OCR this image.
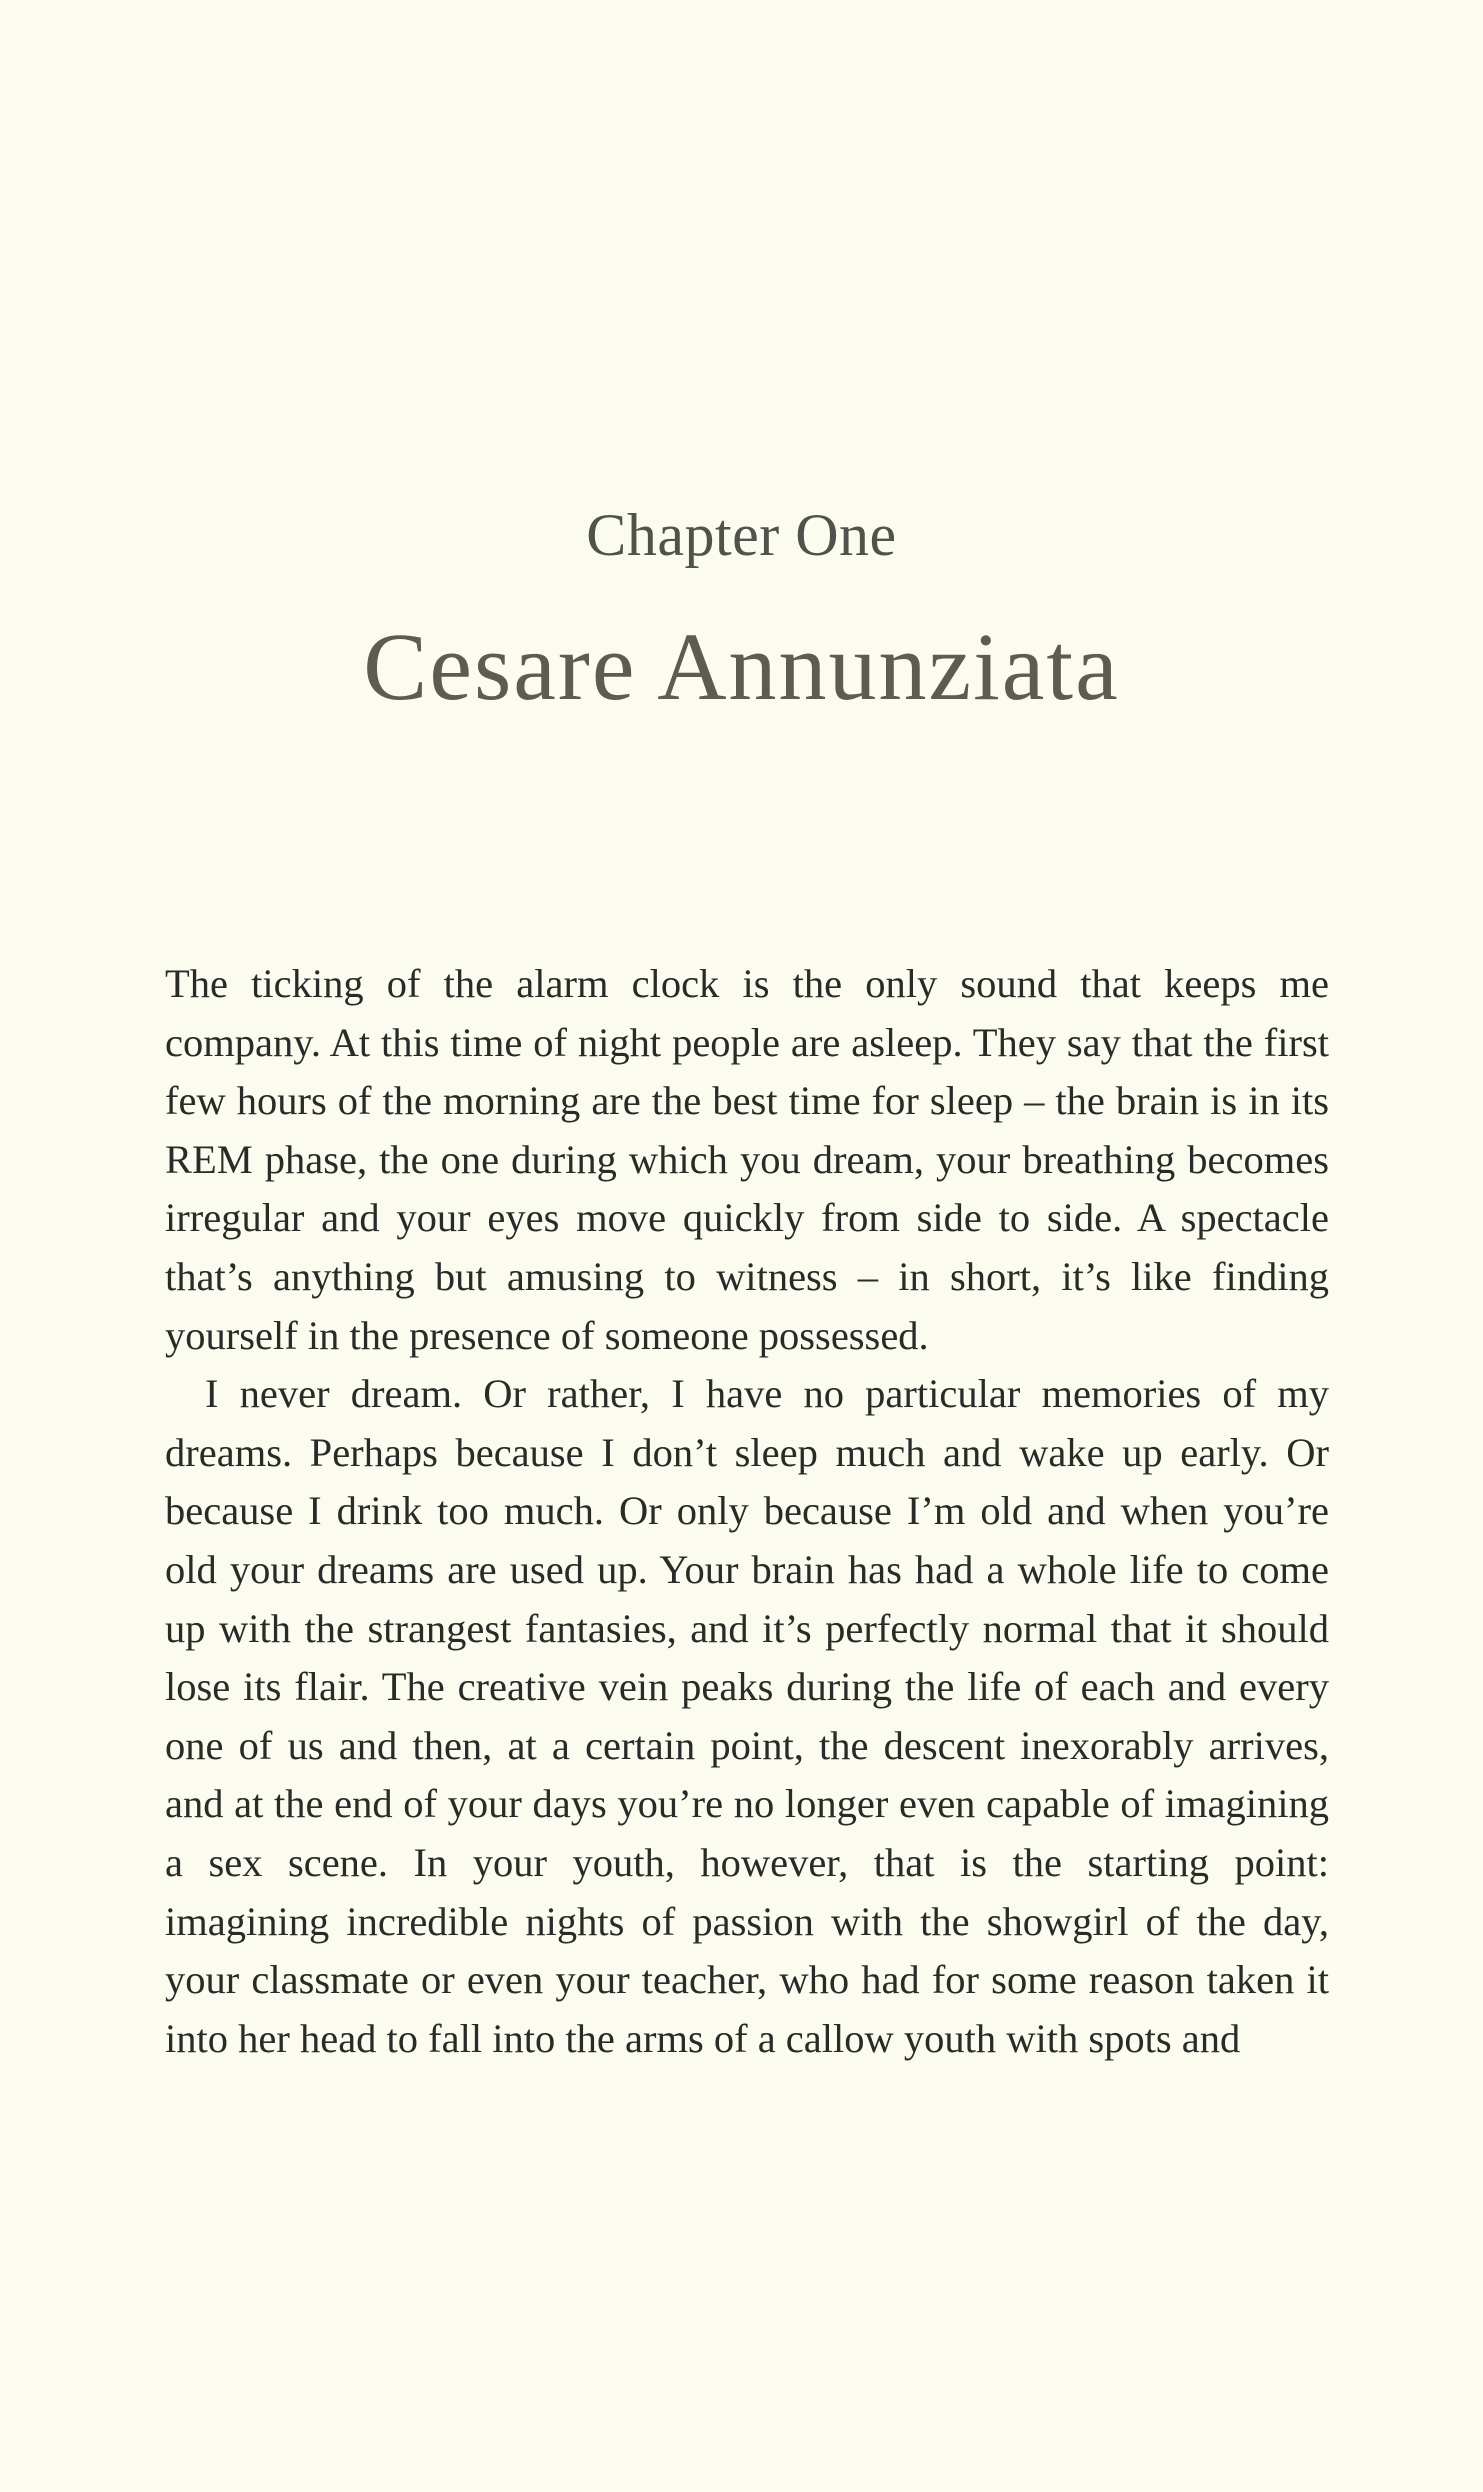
Chapter One
Cesare Annunziata

The ticking of the alarm clock is the only sound that keeps me company. At this time of night people are asleep. They say that the first few hours of the morning are the best time for sleep – the brain is in its REM phase, the one during which you dream, your breathing becomes irregular and your eyes move quickly from side to side. A spectacle that’s anything but amusing to witness – in short, it’s like finding yourself in the presence of someone possessed.

I never dream. Or rather, I have no particular memories of my dreams. Perhaps because I don’t sleep much and wake up early. Or because I drink too much. Or only because I’m old and when you’re old your dreams are used up. Your brain has had a whole life to come up with the strangest fantasies, and it’s perfectly normal that it should lose its flair. The creative vein peaks during the life of each and every one of us and then, at a certain point, the descent inexorably arrives, and at the end of your days you’re no longer even capable of imagining a sex scene. In your youth, however, that is the starting point: imagining incredible nights of passion with the showgirl of the day, your classmate or even your teacher, who had for some reason taken it into her head to fall into the arms of a callow youth with spots and
